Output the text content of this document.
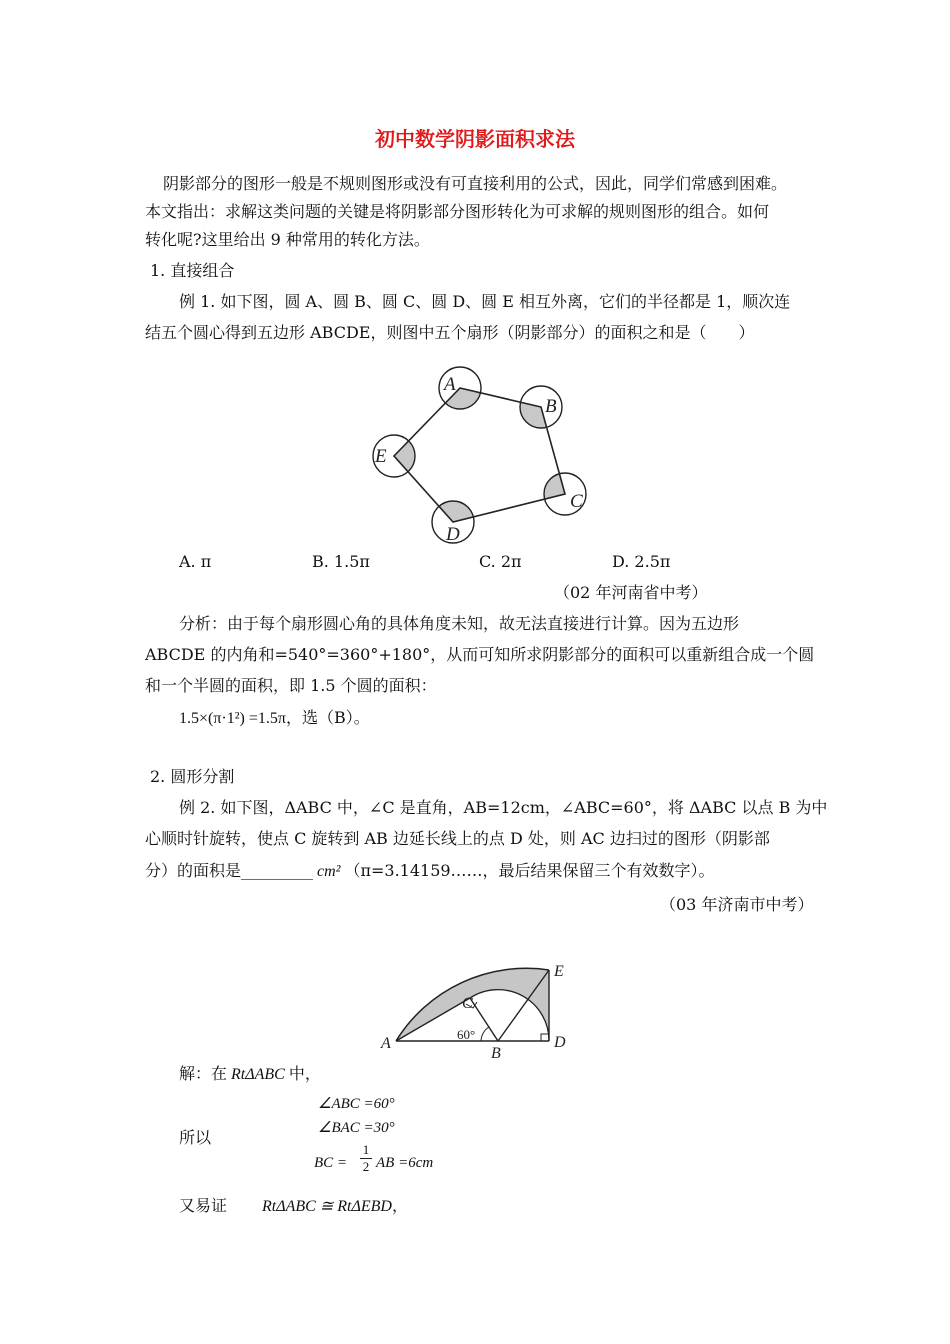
初中数学阴影面积求法
阴影部分的图形一般是不规则图形或没有可直接利用的公式，因此，同学们常感到困难。
本文指出：求解这类问题的关键是将阴影部分图形转化为可求解的规则图形的组合。如何
转化呢?这里给出 9 种常用的转化方法。
1. 直接组合
例 1. 如下图，圆 A、圆 B、圆 C、圆 D、圆 E 相互外离，它们的半径都是 1，顺次连
结五个圆心得到五边形 ABCDE，则图中五个扇形（阴影部分）的面积之和是（　　）
A
B
C
D
E
A. π	B. 1.5π	C. 2π	D. 2.5π
（02 年河南省中考）
分析：由于每个扇形圆心角的具体角度未知，故无法直接进行计算。因为五边形
ABCDE 的内角和=540°=360°+180°，从而可知所求阴影部分的面积可以重新组合成一个圆
和一个半圆的面积，即 1.5 个圆的面积：
1.5×(π·1²) =1.5π，选（B）。
2. 圆形分割
例 2. 如下图，ΔABC 中，∠C 是直角，AB=12cm，∠ABC=60°，将 ΔABC 以点 B 为中
心顺时针旋转，使点 C 旋转到 AB 边延长线上的点 D 处，则 AC 边扫过的图形（阴影部
分）的面积是_________ cm² （π=3.14159……，最后结果保留三个有效数字）。
（03 年济南市中考）
A
B
C
D
E
60°
解：在 RtΔABC 中，
∠ABC =60°
所以	∠BAC =30°
BC =
1
2 AB =6cm
又易证 RtΔABC ≅ RtΔEBD，
